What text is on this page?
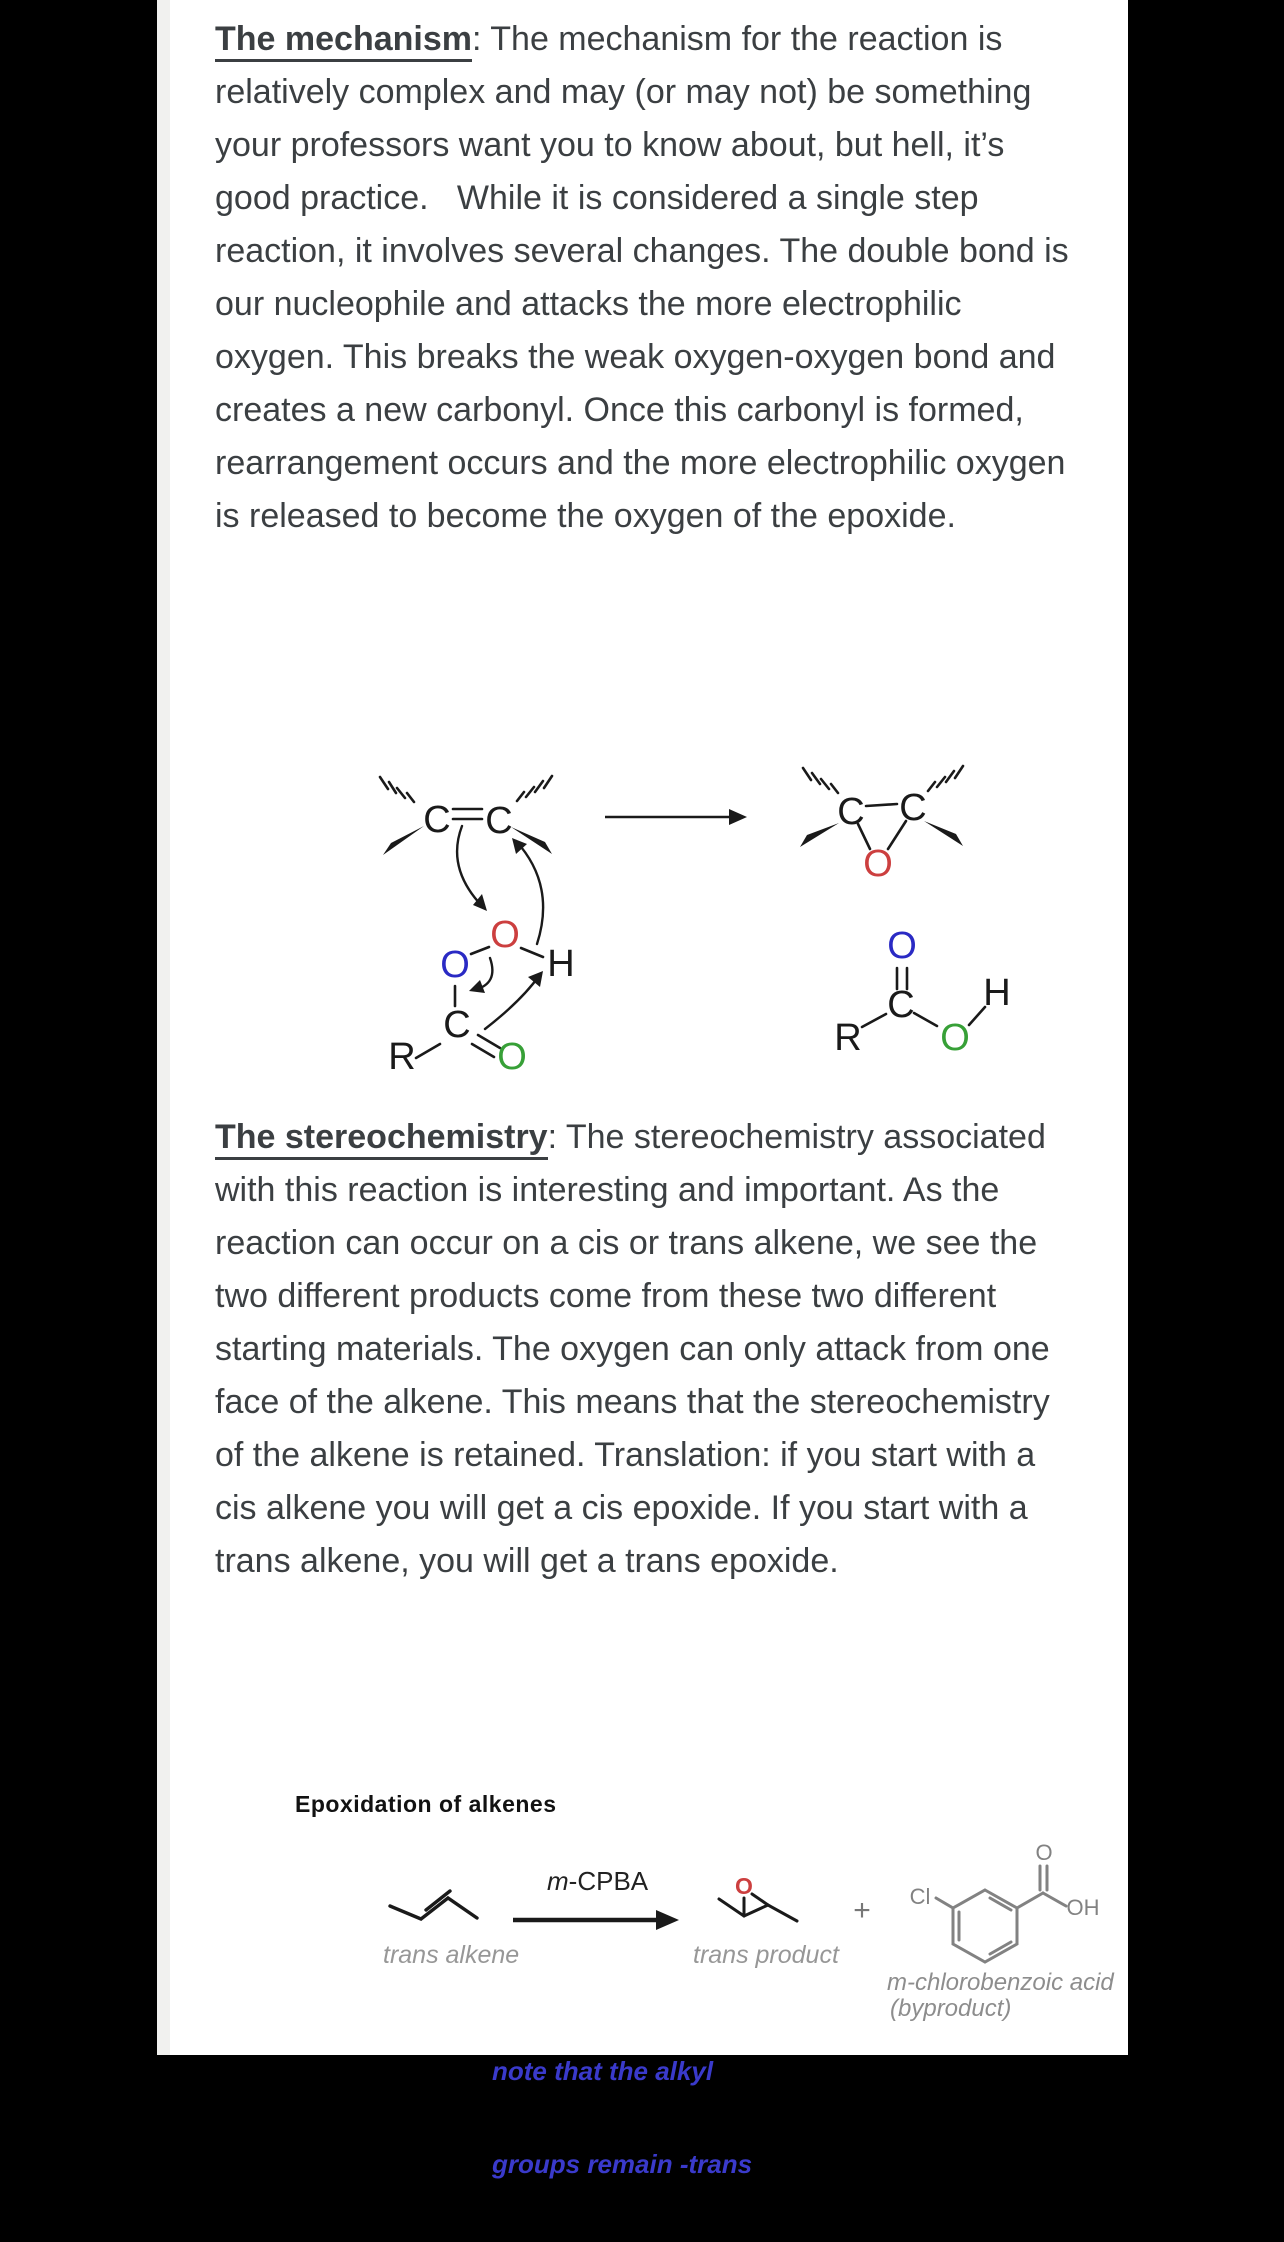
The mechanism: The mechanism for the reaction is
relatively complex and may (or may not) be something
your professors want you to know about, but hell, it’s
good practice.   While it is considered a single step
reaction, it involves several changes. The double bond is
our nucleophile and attacks the more electrophilic
oxygen. This breaks the weak oxygen-oxygen bond and
creates a new carbonyl. Once this carbonyl is formed,
rearrangement occurs and the more electrophilic oxygen
is released to become the oxygen of the epoxide.
C C
O
O H
C
R O
C C
O
O
C
R O
H
The stereochemistry: The stereochemistry associated
with this reaction is interesting and important. As the
reaction can occur on a cis or trans alkene, we see the
two different products come from these two different
starting materials. The oxygen can only attack from one
face of the alkene. This means that the stereochemistry
of the alkene is retained. Translation: if you start with a
cis alkene you will get a cis epoxide. If you start with a
trans alkene, you will get a trans epoxide.
Epoxidation of alkenes
m-CPBA	O
+ Cl
O
OH
trans alkene	trans product
m-chlorobenzoic acid
(byproduct)

note that the alkyl

groups remain -trans
